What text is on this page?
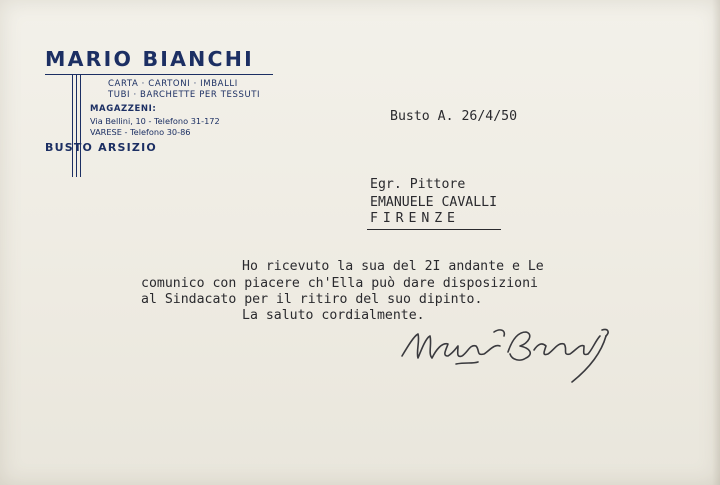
MARIO BIANCHI
CARTA · CARTONI · IMBALLI
TUBI · BARCHETTE PER TESSUTI
MAGAZZENI:
Via Bellini, 10 - Telefono 31-172
VARESE - Telefono 30-86
BUSTO ARSIZIO
Busto A. 26/4/50
Egr. Pittore
EMANUELE CAVALLI
FIRENZE
Ho ricevuto la sua del 2I andante e Le
comunico con piacere ch'Ella può dare disposizioni
al Sindacato per il ritiro del suo dipinto.
La saluto cordialmente.
